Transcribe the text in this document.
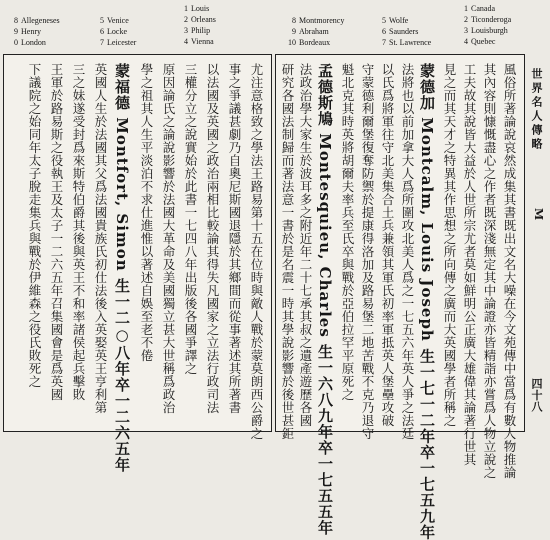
8 Allegeneses
9 Henry
0 London
5 Venice
6 Locke
7 Leicester
1 Louis
2 Orleans
3 Philip
4 Vienna
8 Montmorency
9 Abraham
10 Bordeaux
5 Wolfe
6 Saunders
7 St. Lawrence
1 Canada
2 Ticonderoga
3 Louisburgh
4 Quebec
世界名人傳略
M
四十八
風俗所著論說哀然成集其書既出文名大噪在今文苑傳中當爲有數人物推論
其內容則慷慨盡心之作者既深淺無定其中論證亦皆精詣亦嘗爲人物立說之
工夫故其說皆大益於人世所宗尤者莫如鮮明公正廣大雄偉其論著行世其
見之而其天才之特異其作思想之所向傳之廣而大英國學者所稱之
蒙德加 Montcalm, Louis Joseph 生一七一二年卒一七五九年
法將也以前加拿大人爲所圍攻北美人爲之一七五六年英人爭之法廷
以氏爲將軍往守北美集合土兵兼領其軍氏初率軍抵英人堡壘攻破
守蒙德利爾堡復奪防禦於提康得洛加及路易堡二地苦戰不克乃退守
魁北克其時英將胡爾夫率兵至氏卒與戰於亞伯拉罕平原死之
孟德斯鳩 Montesquieu, Charles 生一六八九年卒一七五五年
法政治學大家生於波耳多之附近年二十七承其叔之遺產遊歷各國
研究各國法制歸而著法意一書於是名震一時其學說影響於後世甚鉅
尤注意格致之學法王路易第十五在位時與敵人戰於蒙莫朗西公爵之
事之爭議甚劇乃自奧尼斯國退隱於其鄉間而從事著述其所著書
以法國及英國之政治兩相比較論其得失凡國家之立法行政司法
三權分立之說實始於此書一七四八年出版後各國爭譯之
原因論氏之論說影響於法國大革命及美國獨立甚大世稱爲政治
學之祖其人生平淡泊不求仕進惟以著述自娛至老不倦
蒙福德 Montfort, Simon 生一二○八年卒一二六五年
英國人生於法國其父爲法國貴族氏初仕法後入英娶英王亨利第
三之妹遂受封爲來斯特伯爵其後與英王不和率諸侯起兵擊敗
王軍於路易斯之役執王及太子一二六五年召集國會是爲英國
下議院之始同年太子脫走集兵與戰於伊維森之役氏敗死之
